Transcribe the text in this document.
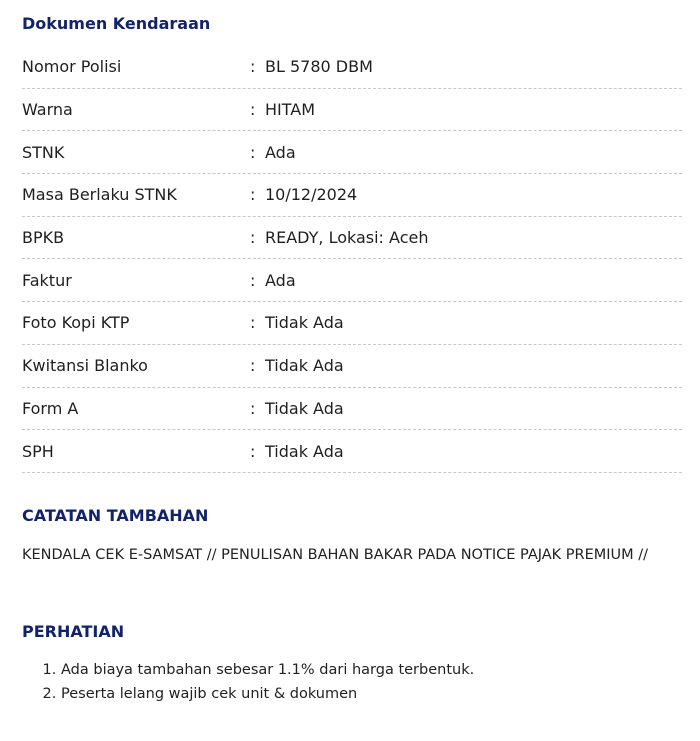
Dokumen Kendaraan
Nomor Polisi	: BL 5780 DBM
Warna	: HITAM
STNK	: Ada
Masa Berlaku STNK	: 10/12/2024
BPKB	: READY, Lokasi: Aceh
Faktur	: Ada
Foto Kopi KTP	: Tidak Ada
Kwitansi Blanko	: Tidak Ada
Form A	: Tidak Ada
SPH	: Tidak Ada
CATATAN TAMBAHAN

KENDALA CEK E-SAMSAT // PENULISAN BAHAN BAKAR PADA NOTICE PAJAK PREMIUM //

PERHATIAN
1. Ada biaya tambahan sebesar 1.1% dari harga terbentuk.
2. Peserta lelang wajib cek unit & dokumen
